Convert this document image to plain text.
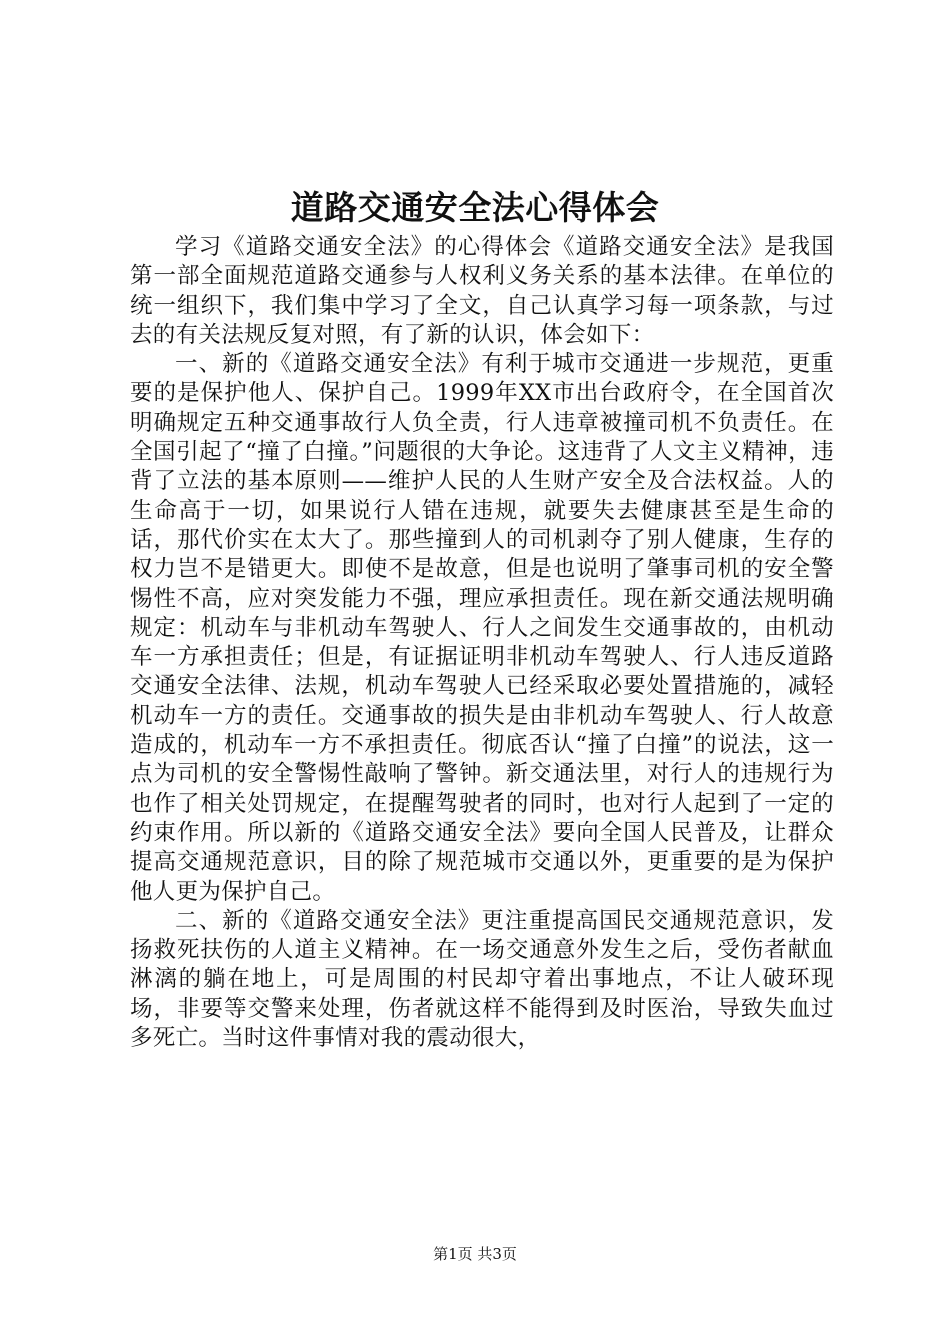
道路交通安全法心得体会

学习《道路交通安全法》的心得体会《道路交通安全法》是我国第一部全面规范道路交通参与人权利义务关系的基本法律。在单位的统一组织下，我们集中学习了全文，自己认真学习每一项条款，与过去的有关法规反复对照，有了新的认识，体会如下：

一、新的《道路交通安全法》有利于城市交通进一步规范，更重要的是保护他人、保护自己。1999年XX市出台政府令，在全国首次明确规定五种交通事故行人负全责，行人违章被撞司机不负责任。在全国引起了“撞了白撞。”问题很的大争论。这违背了人文主义精神，违背了立法的基本原则——维护人民的人生财产安全及合法权益。人的生命高于一切，如果说行人错在违规，就要失去健康甚至是生命的话，那代价实在太大了。那些撞到人的司机剥夺了别人健康，生存的权力岂不是错更大。即使不是故意，但是也说明了肇事司机的安全警惕性不高，应对突发能力不强，理应承担责任。现在新交通法规明确规定：机动车与非机动车驾驶人、行人之间发生交通事故的，由机动车一方承担责任；但是，有证据证明非机动车驾驶人、行人违反道路交通安全法律、法规，机动车驾驶人已经采取必要处置措施的，减轻机动车一方的责任。交通事故的损失是由非机动车驾驶人、行人故意造成的，机动车一方不承担责任。彻底否认“撞了白撞”的说法，这一点为司机的安全警惕性敲响了警钟。新交通法里，对行人的违规行为也作了相关处罚规定，在提醒驾驶者的同时，也对行人起到了一定的约束作用。所以新的《道路交通安全法》要向全国人民普及，让群众提高交通规范意识，目的除了规范城市交通以外，更重要的是为保护他人更为保护自己。

二、新的《道路交通安全法》更注重提高国民交通规范意识，发扬救死扶伤的人道主义精神。在一场交通意外发生之后，受伤者献血淋漓的躺在地上，可是周围的村民却守着出事地点，不让人破环现场，非要等交警来处理，伤者就这样不能得到及时医治，导致失血过多死亡。当时这件事情对我的震动很大，

第1页 共3页
